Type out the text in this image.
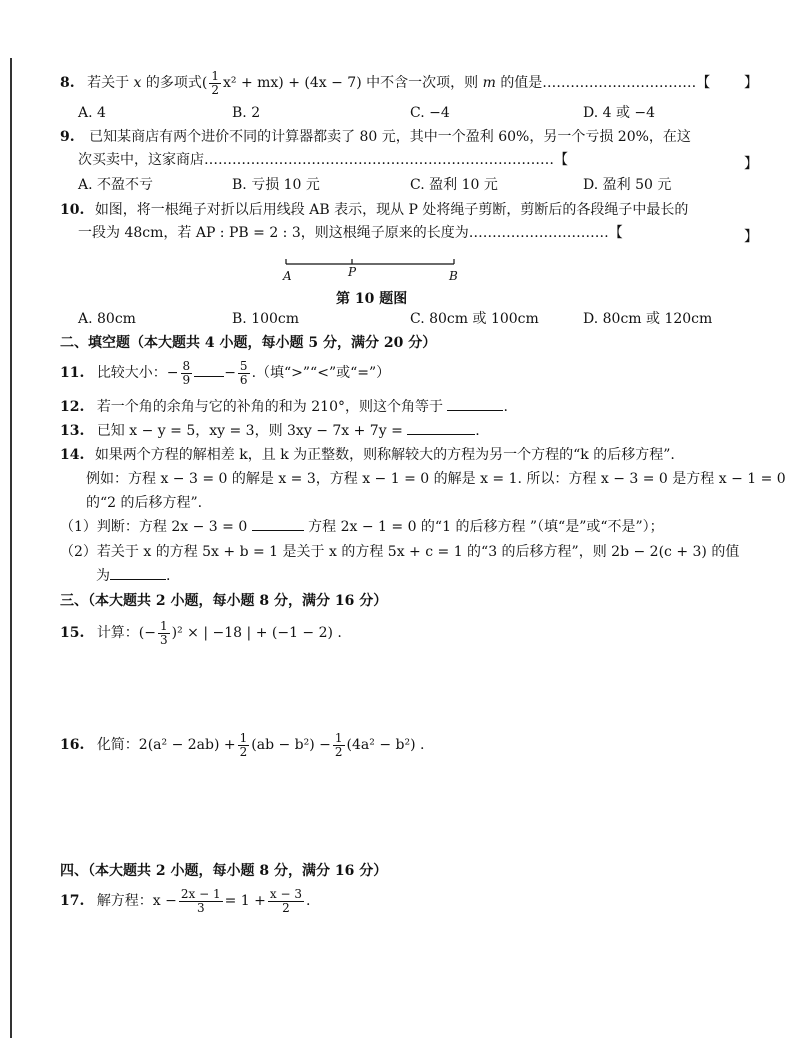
8. 若关于 x 的多项式( $\frac{1}{2} x^2 + mx) + (4x - 7)$ 中不含一次项，则 m 的值是……………………………【 】
A. 4	B. 2	C. −4	D. 4 或 −4
9. 已知某商店有两个进价不同的计算器都卖了 80 元，其中一个盈利 60%，另一个亏损 20%，在这
次买卖中，这家商店…………………………………………………………………【	】
A. 不盈不亏	B. 亏损 10 元	C. 盈利 10 元	D. 盈利 50 元
10. 如图，将一根绳子对折以后用线段 AB 表示，现从 P 处将绳子剪断，剪断后的各段绳子中最长的
一段为 48cm，若 AP : PB = 2 : 3，则这根绳子原来的长度为…………………………【	】
A	P	B
第 10 题图
A. 80cm	B. 100cm	C. 80cm 或 100cm	D. 80cm 或 120cm
二、填空题（本大题共 4 小题，每小题 5 分，满分 20 分）
11. 比较大小：− $\frac{8}{9} - \frac{5}{6}$ .（填“>”“<”或“=”）
12. 若一个角的余角与它的补角的和为 210°，则这个角等于	.
13. 已知 x − y = 5，xy = 3，则 3xy − 7x + 7y =	.
14. 如果两个方程的解相差 k，且 k 为正整数，则称解较大的方程为另一个方程的“k 的后移方程”.
例如：方程 x − 3 = 0 的解是 x = 3，方程 x − 1 = 0 的解是 x = 1. 所以：方程 x − 3 = 0 是方程 x − 1 = 0
的“2 的后移方程”.
（1）判断：方程 2x − 3 = 0	方程 2x − 1 = 0 的“1 的后移方程 ”（填“是”或“不是”）；
（2）若关于 x 的方程 5x + b = 1 是关于 x 的方程 5x + c = 1 的“3 的后移方程”，则 2b − 2(c + 3) 的值
为	.
三、（本大题共 2 小题，每小题 8 分，满分 16 分）
15. 计算：(− $\frac{1}{3} )^2$ × | −18 | + (−1 − 2) .
16. 化简：$2(a^2 - 2ab) + \frac{1}{2} (ab - b^2) - \frac{1}{2} (4a^2 - b^2)$ .
四、（本大题共 2 小题，每小题 8 分，满分 16 分）
17. 解方程：$x - \frac{2x - 1}{3} = 1 + \frac{x - 3}{2}$ .
